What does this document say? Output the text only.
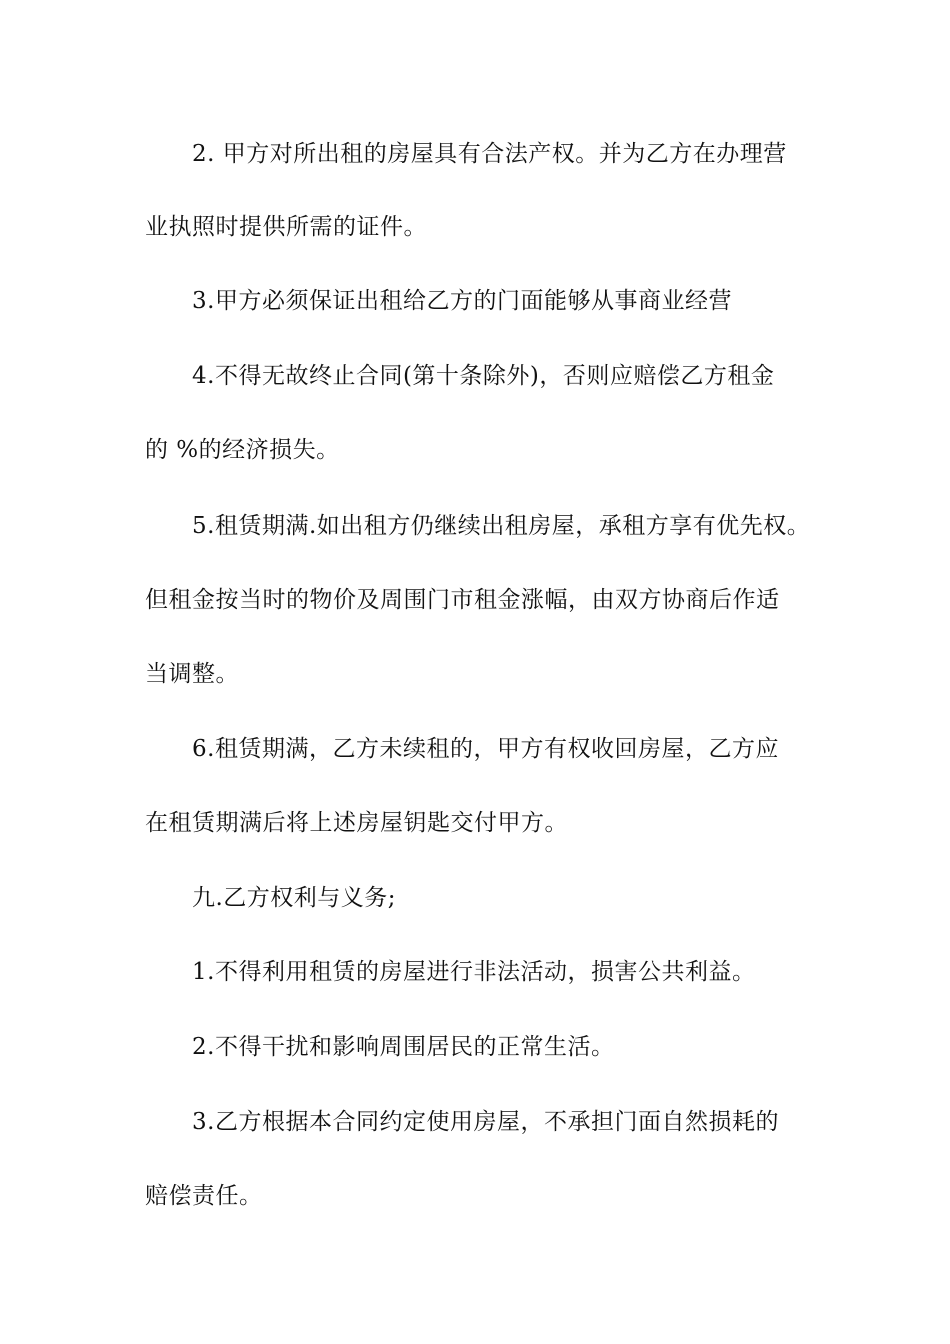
2. 甲方对所出租的房屋具有合法产权。并为乙方在办理营
业执照时提供所需的证件。
3.甲方必须保证出租给乙方的门面能够从事商业经营
4.不得无故终止合同(第十条除外)，否则应赔偿乙方租金
的 %的经济损失。
5.租赁期满.如出租方仍继续出租房屋，承租方享有优先权。
但租金按当时的物价及周围门市租金涨幅，由双方协商后作适
当调整。
6.租赁期满，乙方未续租的，甲方有权收回房屋，乙方应
在租赁期满后将上述房屋钥匙交付甲方。
九.乙方权利与义务;
1.不得利用租赁的房屋进行非法活动，损害公共利益。
2.不得干扰和影响周围居民的正常生活。
3.乙方根据本合同约定使用房屋，不承担门面自然损耗的
赔偿责任。
